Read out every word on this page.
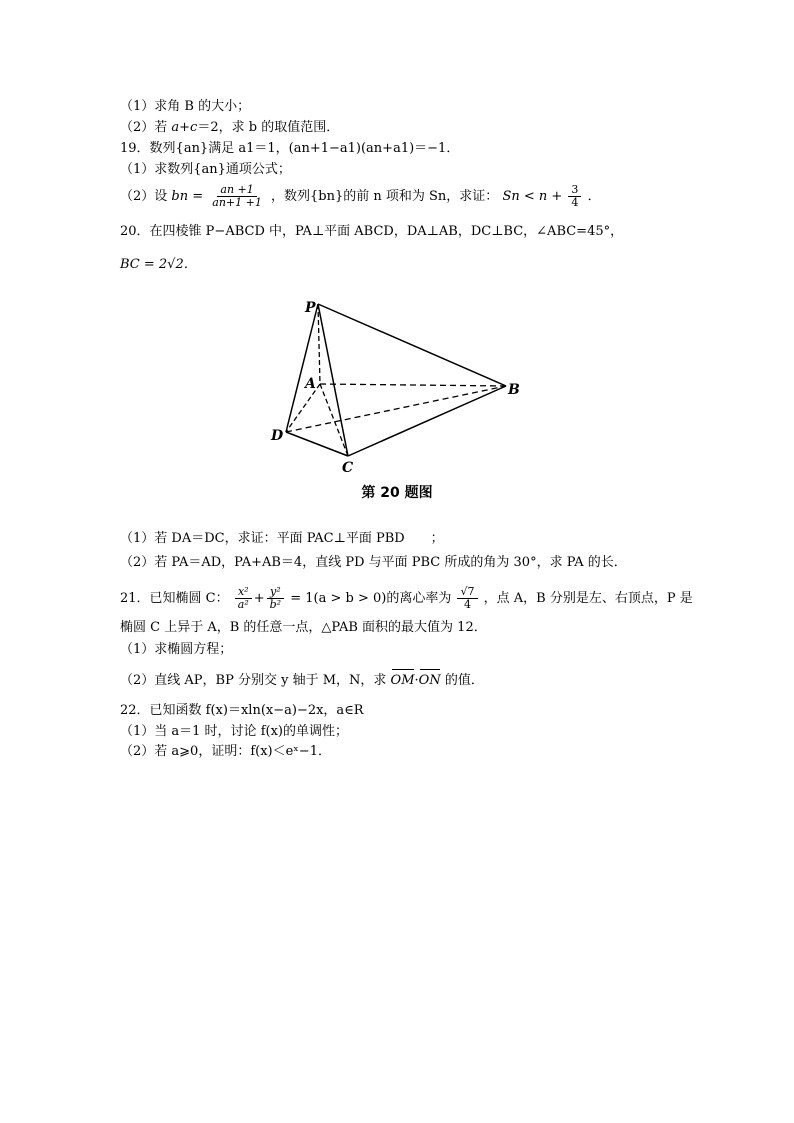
（1）求角 B 的大小；
（2）若 a+c＝2，求 b 的取值范围．
19．数列{an}满足 a1＝1，(an+1−a1)(an+a1)＝−1．
（1）求数列{an}通项公式；
（2）设 bn = $\frac{an +1}{an+1 +1}$ ，数列{bn}的前 n 项和为 Sn，求证： $Sn < n + \frac{3}{4}$ ．
20．在四棱锥 P−ABCD 中，PA⊥平面 ABCD，DA⊥AB，DC⊥BC，∠ABC=45°，
BC = 2√2．
P
A	B
C
D
第 20 题图
（1）若 DA＝DC，求证：平面 PAC⊥平面 PBD　　；
（2）若 PA＝AD，PA+AB＝4，直线 PD 与平面 PBC 所成的角为 30°，求 PA 的长．
21．已知椭圆 C： $\frac{\text{x²}}{\text{a²}} + \frac{\text{y²}}{\text{b²}} = 1(a > b > 0)$的离心率为 $\frac{√7}{4}$ ，点 A，B 分别是左、右顶点，P 是
椭圆 C 上异于 A，B 的任意一点，△PAB 面积的最大值为 12．
（1）求椭圆方程；
（2）直线 AP，BP 分别交 y 轴于 M，N，求 OM·ON 的值．
22．已知函数 f(x)＝xln(x−a)−2x，a∈R
（1）当 a＝1 时，讨论 f(x)的单调性；
（2）若 a⩾0，证明：f(x)＜eˣ−1．
